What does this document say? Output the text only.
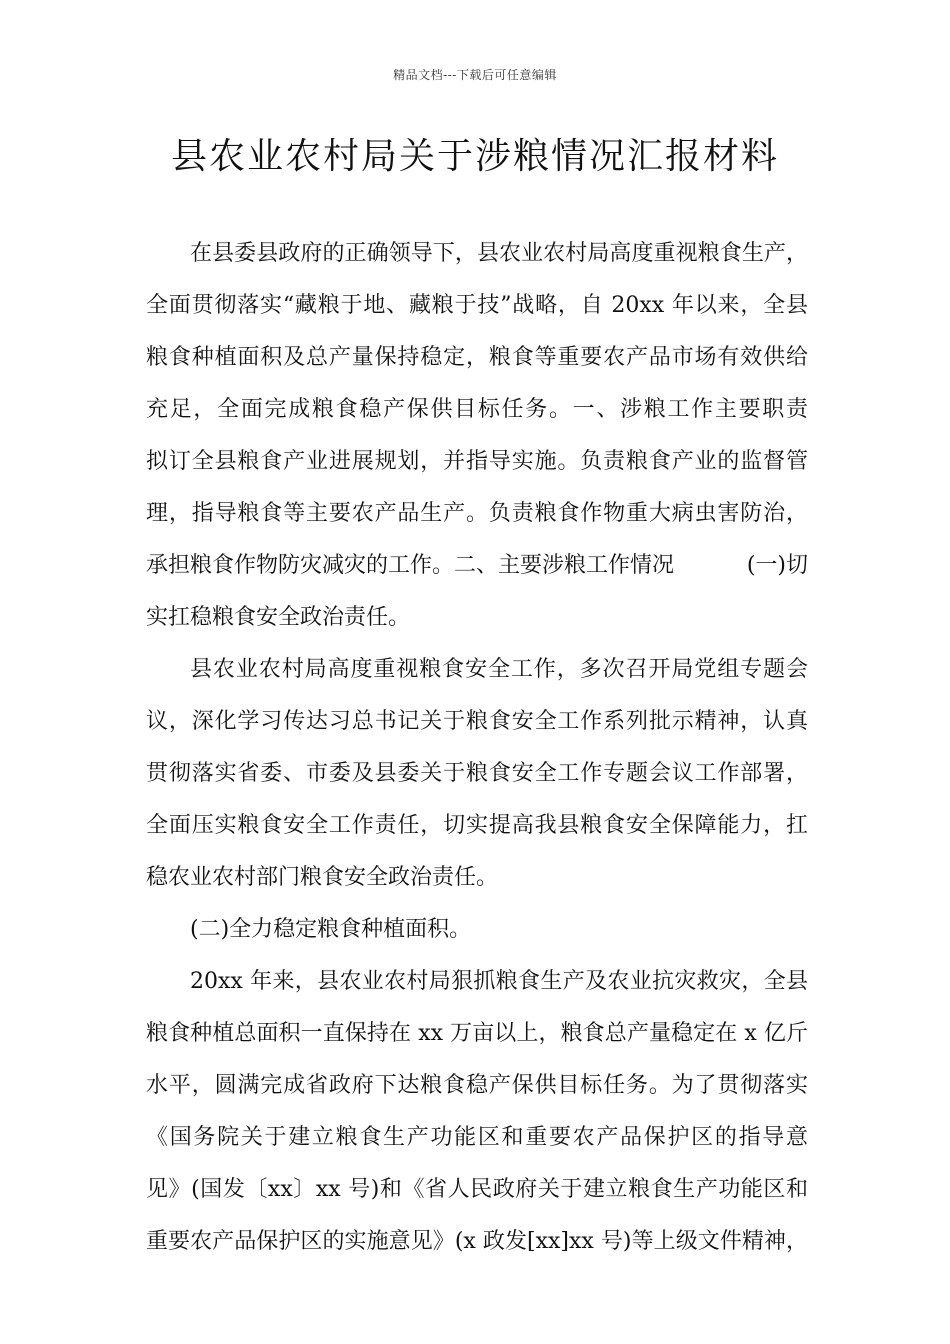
精品文档---下载后可任意编辑
县农业农村局关于涉粮情况汇报材料
在县委县政府的正确领导下，县农业农村局高度重视粮食生产，
全面贯彻落实“藏粮于地、藏粮于技”战略，自 20xx 年以来，全县
粮食种植面积及总产量保持稳定，粮食等重要农产品市场有效供给
充足，全面完成粮食稳产保供目标任务。一、涉粮工作主要职责
拟订全县粮食产业进展规划，并指导实施。负责粮食产业的监督管
理，指导粮食等主要农产品生产。负责粮食作物重大病虫害防治，
承担粮食作物防灾减灾的工作。二、主要涉粮工作情况	(一)切
实扛稳粮食安全政治责任。
县农业农村局高度重视粮食安全工作，多次召开局党组专题会
议，深化学习传达习总书记关于粮食安全工作系列批示精神，认真
贯彻落实省委、市委及县委关于粮食安全工作专题会议工作部署，
全面压实粮食安全工作责任，切实提高我县粮食安全保障能力，扛
稳农业农村部门粮食安全政治责任。
(二)全力稳定粮食种植面积。
20xx 年来，县农业农村局狠抓粮食生产及农业抗灾救灾，全县
粮食种植总面积一直保持在 xx 万亩以上，粮食总产量稳定在 x 亿斤
水平，圆满完成省政府下达粮食稳产保供目标任务。为了贯彻落实
《国务院关于建立粮食生产功能区和重要农产品保护区的指导意
见》(国发〔xx〕xx 号)和《省人民政府关于建立粮食生产功能区和
重要农产品保护区的实施意见》(x 政发[xx]xx 号)等上级文件精神，
